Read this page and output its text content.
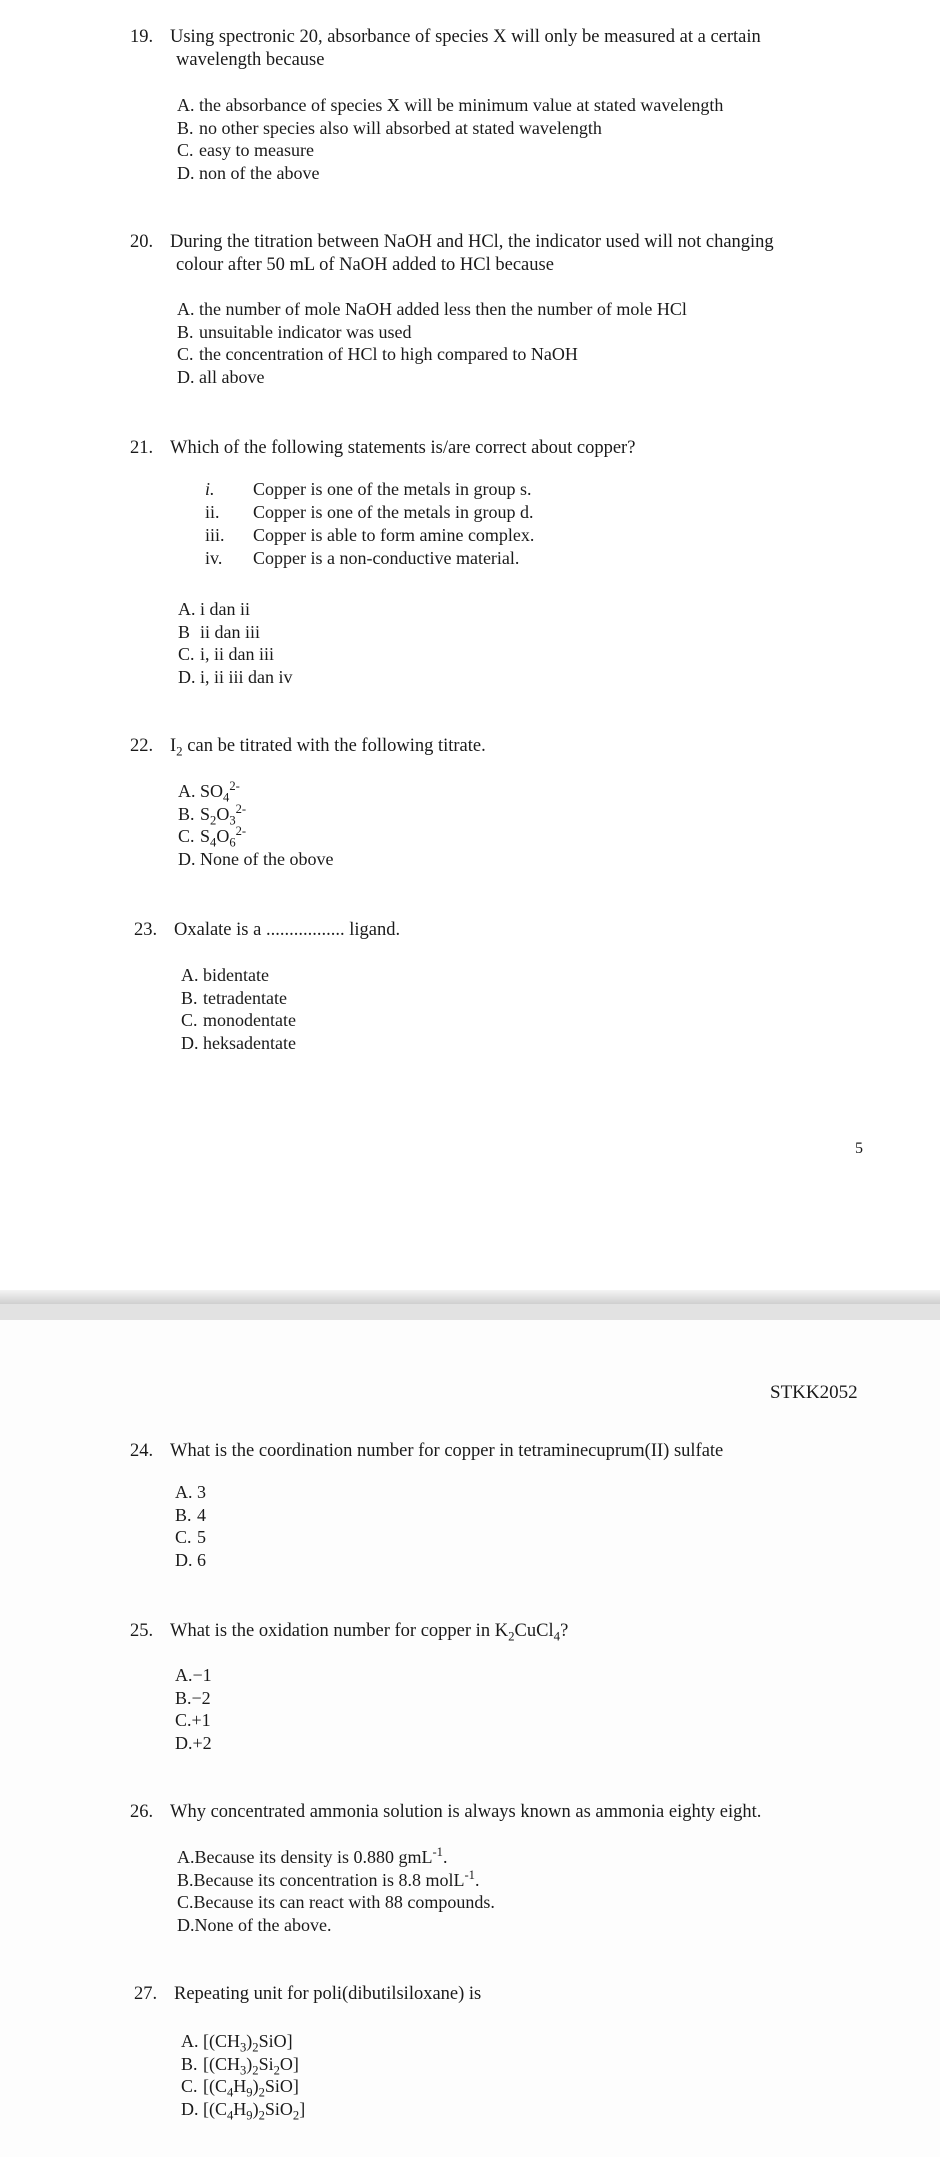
19. Using spectronic 20, absorbance of species X will only be measured at a certain
wavelength because
A. the absorbance of species X will be minimum value at stated wavelength
B. no other species also will absorbed at stated wavelength
C. easy to measure
D. non of the above
20. During the titration between NaOH and HCl, the indicator used will not changing
colour after 50 mL of NaOH added to HCl because
A. the number of mole NaOH added less then the number of mole HCl
B. unsuitable indicator was used
C. the concentration of HCl to high compared to NaOH
D. all above
21. Which of the following statements is/are correct about copper?
i. Copper is one of the metals in group s.
ii. Copper is one of the metals in group d.
iii. Copper is able to form amine complex.
iv. Copper is a non-conductive material.
A. i dan ii
B ii dan iii
C. i, ii dan iii
D. i, ii iii dan iv
22. $I_2$ can be titrated with the following titrate.
A. $SO_4^{2-}$
B. $S_2O_3^{2-}$
C. $S_4O_6^{2-}$
D. None of the obove
23. Oxalate is a ................. ligand.
A. bidentate
B. tetradentate
C. monodentate
D. heksadentate
5
STKK2052
24. What is the coordination number for copper in tetraminecuprum(II) sulfate
A. 3
B. 4
C. 5
D. 6
25. What is the oxidation number for copper in $K_2CuCl_4$?
A.−1
B.−2
C.+1
D.+2
26. Why concentrated ammonia solution is always known as ammonia eighty eight.
A.Because its density is 0.880 gmL$^{-1}$.
B.Because its concentration is 8.8 molL$^{-1}$.
C.Because its can react with 88 compounds.
D.None of the above.
27. Repeating unit for poli(dibutilsiloxane) is
A. $[(CH_3)_2SiO]$
B. $[(CH_3)_2Si_2O]$
C. $[(C_4H_9)_2SiO]$
D. $[(C_4H_9)_2SiO_2]$
